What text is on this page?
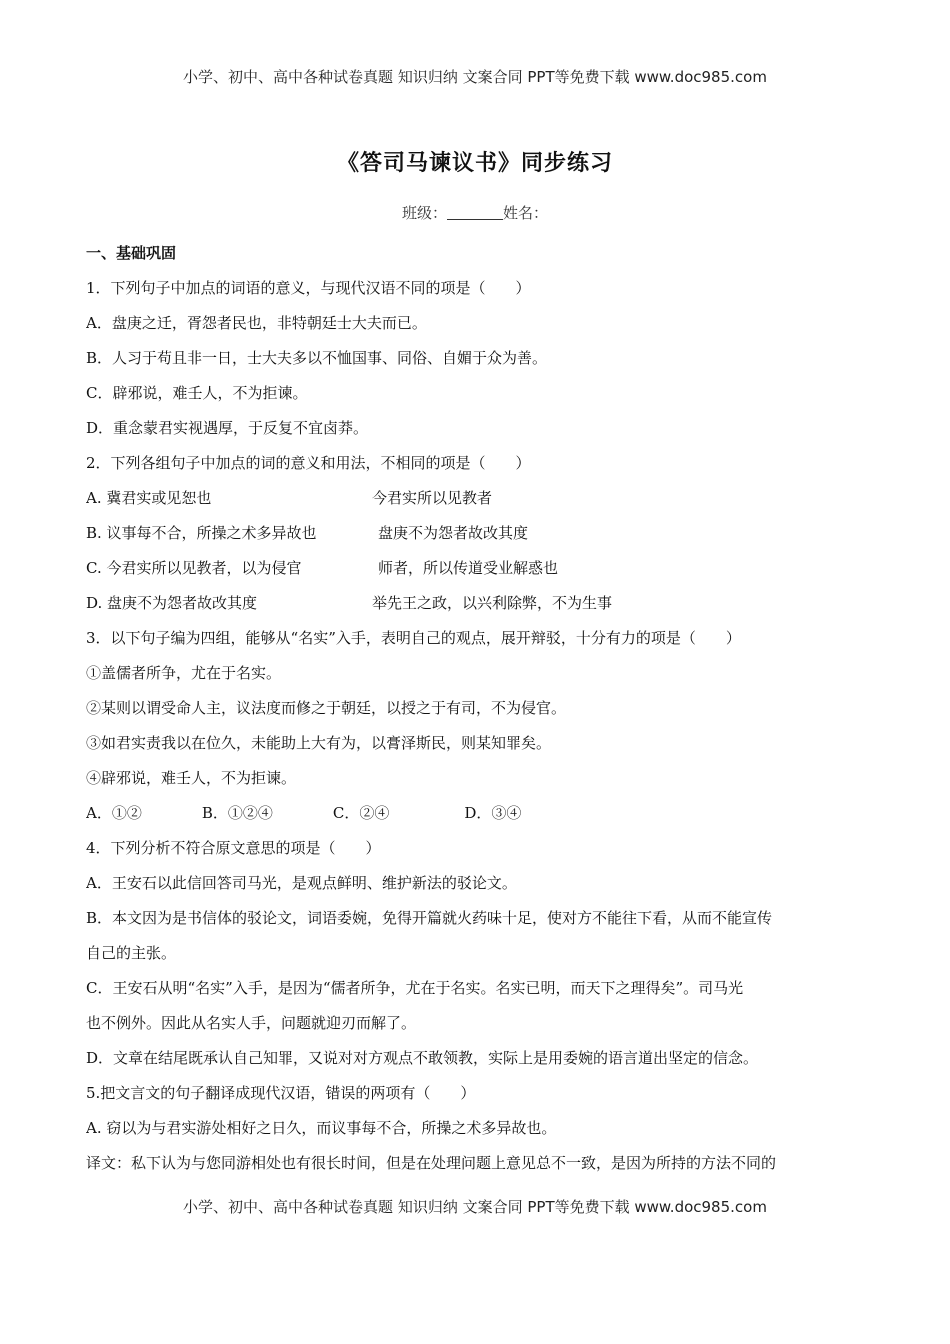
小学、初中、高中各种试卷真题 知识归纳 文案合同 PPT等免费下载 www.doc985.com
《答司马谏议书》同步练习
班级：	姓名：
一、基础巩固
1．下列句子中加点的词语的意义，与现代汉语不同的项是（　　）
A．盘庚之迁，胥怨者民也，非特朝廷士大夫而已。
B．人习于苟且非一日，士大夫多以不恤国事、同俗、自媚于众为善。
C．辟邪说，难壬人，不为拒谏。
D．重念蒙君实视遇厚，于反复不宜卤莽。
2．下列各组句子中加点的词的意义和用法，不相同的项是（　　）
A. 冀君实或见恕也	今君实所以见教者
B. 议事每不合，所操之术多异故也	盘庚不为怨者故改其度
C. 今君实所以见教者，以为侵官	师者，所以传道受业解惑也
D. 盘庚不为怨者故改其度	举先王之政，以兴利除弊，不为生事
3．以下句子编为四组，能够从“名实”入手，表明自己的观点，展开辩驳，十分有力的项是（　　）
①盖儒者所争，尤在于名实。
②某则以谓受命人主，议法度而修之于朝廷，以授之于有司，不为侵官。
③如君实责我以在位久，未能助上大有为，以膏泽斯民，则某知罪矣。
④辟邪说，难壬人，不为拒谏。
A．①②　　　　B．①②④　　　　C．②④　　　　　D．③④
4．下列分析不符合原文意思的项是（　　）
A．王安石以此信回答司马光，是观点鲜明、维护新法的驳论文。
B．本文因为是书信体的驳论文，词语委婉，免得开篇就火药味十足，使对方不能往下看，从而不能宣传
自己的主张。
C．王安石从明“名实”入手，是因为“儒者所争，尤在于名实。名实已明，而天下之理得矣”。司马光
也不例外。因此从名实人手，问题就迎刃而解了。
D．文章在结尾既承认自己知罪，又说对对方观点不敢领教，实际上是用委婉的语言道出坚定的信念。
5.把文言文的句子翻译成现代汉语，错误的两项有（　　）
A. 窃以为与君实游处相好之日久，而议事每不合，所操之术多异故也。
译文：私下认为与您同游相处也有很长时间，但是在处理问题上意见总不一致，是因为所持的方法不同的
小学、初中、高中各种试卷真题 知识归纳 文案合同 PPT等免费下载 www.doc985.com
